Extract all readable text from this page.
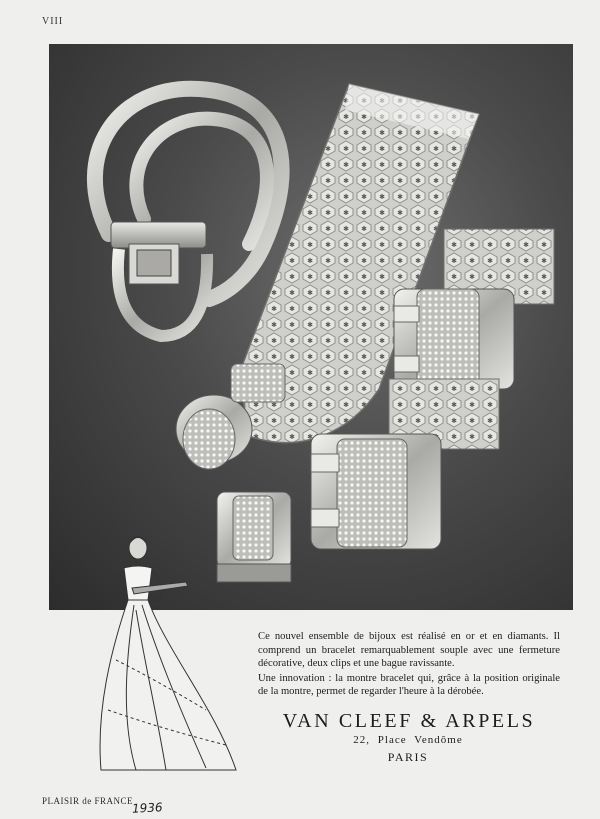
VIII

Ce nouvel ensemble de bijoux est réalisé en or et en diamants. Il comprend un bracelet remarquablement souple avec une fermeture décorative, deux clips et une bague ravissante.

Une innovation : la montre bracelet qui, grâce à la position originale de la montre, permet de regarder l'heure à la dérobée.

VAN CLEEF & ARPELS
22, Place Vendôme
PARIS
PLAISIR de FRANCE
1936
